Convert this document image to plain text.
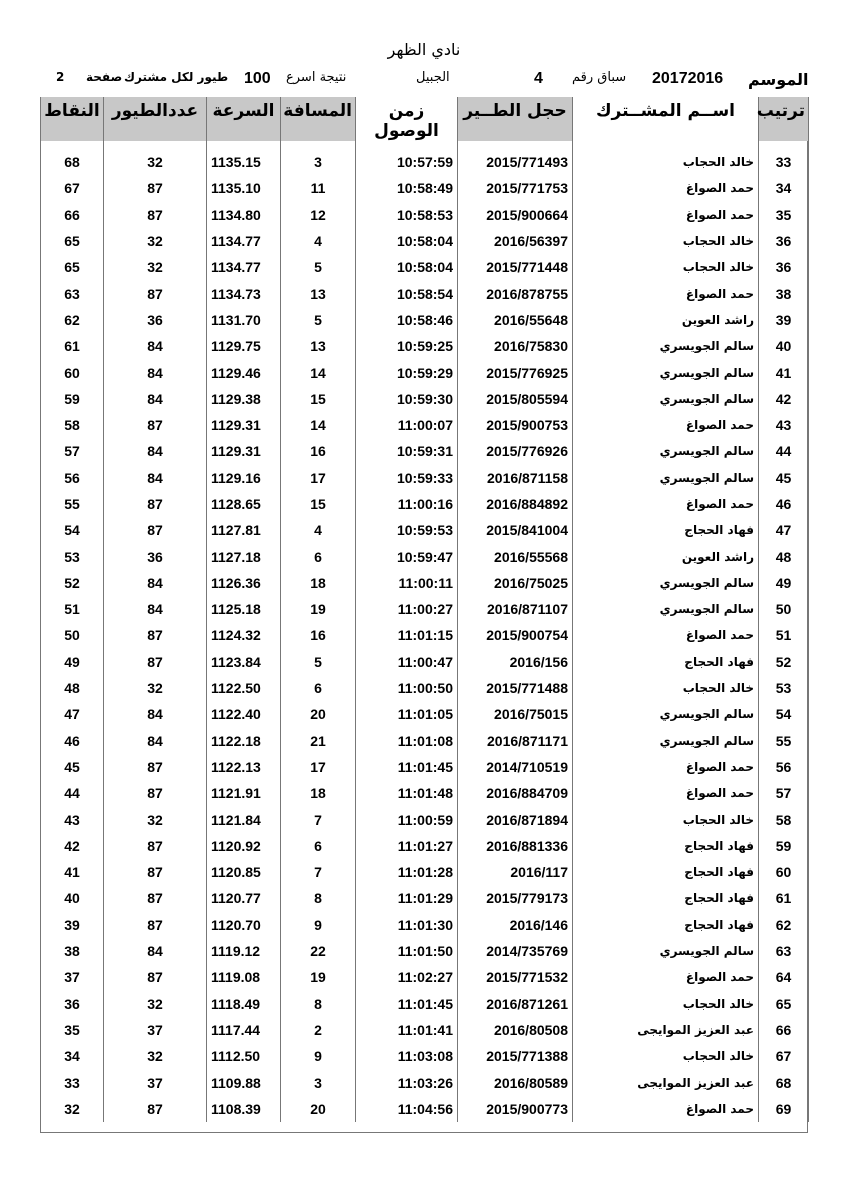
نادي الظهر
2 صفحة طيور لكل مشترك 100 نتيجة اسرع	الجبيل	4 سباق رقم 20172016 الموسم
ترتيب	اســم المشــترك	حجل الطــير	زمن الوصول	المسافة	السرعة	عددالطيور	النقاط

33	خالد الحجاب	2015/771493	10:57:59	3	1135.15	32	68
34	حمد الصواغ	2015/771753	10:58:49	11	1135.10	87	67
35	حمد الصواغ	2015/900664	10:58:53	12	1134.80	87	66
36	خالد الحجاب	2016/56397	10:58:04	4	1134.77	32	65
36	خالد الحجاب	2015/771448	10:58:04	5	1134.77	32	65
38	حمد الصواغ	2016/878755	10:58:54	13	1134.73	87	63
39	راشد العوين	2016/55648	10:58:46	5	1131.70	36	62
40	سالم الجويسري	2016/75830	10:59:25	13	1129.75	84	61
41	سالم الجويسري	2015/776925	10:59:29	14	1129.46	84	60
42	سالم الجويسري	2015/805594	10:59:30	15	1129.38	84	59
43	حمد الصواغ	2015/900753	11:00:07	14	1129.31	87	58
44	سالم الجويسري	2015/776926	10:59:31	16	1129.31	84	57
45	سالم الجويسري	2016/871158	10:59:33	17	1129.16	84	56
46	حمد الصواغ	2016/884892	11:00:16	15	1128.65	87	55
47	فهاد الحجاج	2015/841004	10:59:53	4	1127.81	87	54
48	راشد العوين	2016/55568	10:59:47	6	1127.18	36	53
49	سالم الجويسري	2016/75025	11:00:11	18	1126.36	84	52
50	سالم الجويسري	2016/871107	11:00:27	19	1125.18	84	51
51	حمد الصواغ	2015/900754	11:01:15	16	1124.32	87	50
52	فهاد الحجاج	2016/156	11:00:47	5	1123.84	87	49
53	خالد الحجاب	2015/771488	11:00:50	6	1122.50	32	48
54	سالم الجويسري	2016/75015	11:01:05	20	1122.40	84	47
55	سالم الجويسري	2016/871171	11:01:08	21	1122.18	84	46
56	حمد الصواغ	2014/710519	11:01:45	17	1122.13	87	45
57	حمد الصواغ	2016/884709	11:01:48	18	1121.91	87	44
58	خالد الحجاب	2016/871894	11:00:59	7	1121.84	32	43
59	فهاد الحجاج	2016/881336	11:01:27	6	1120.92	87	42
60	فهاد الحجاج	2016/117	11:01:28	7	1120.85	87	41
61	فهاد الحجاج	2015/779173	11:01:29	8	1120.77	87	40
62	فهاد الحجاج	2016/146	11:01:30	9	1120.70	87	39
63	سالم الجويسري	2014/735769	11:01:50	22	1119.12	84	38
64	حمد الصواغ	2015/771532	11:02:27	19	1119.08	87	37
65	خالد الحجاب	2016/871261	11:01:45	8	1118.49	32	36
66	عبد العزيز الموايجى	2016/80508	11:01:41	2	1117.44	37	35
67	خالد الحجاب	2015/771388	11:03:08	9	1112.50	32	34
68	عبد العزيز الموايجى	2016/80589	11:03:26	3	1109.88	37	33
69	حمد الصواغ	2015/900773	11:04:56	20	1108.39	87	32
